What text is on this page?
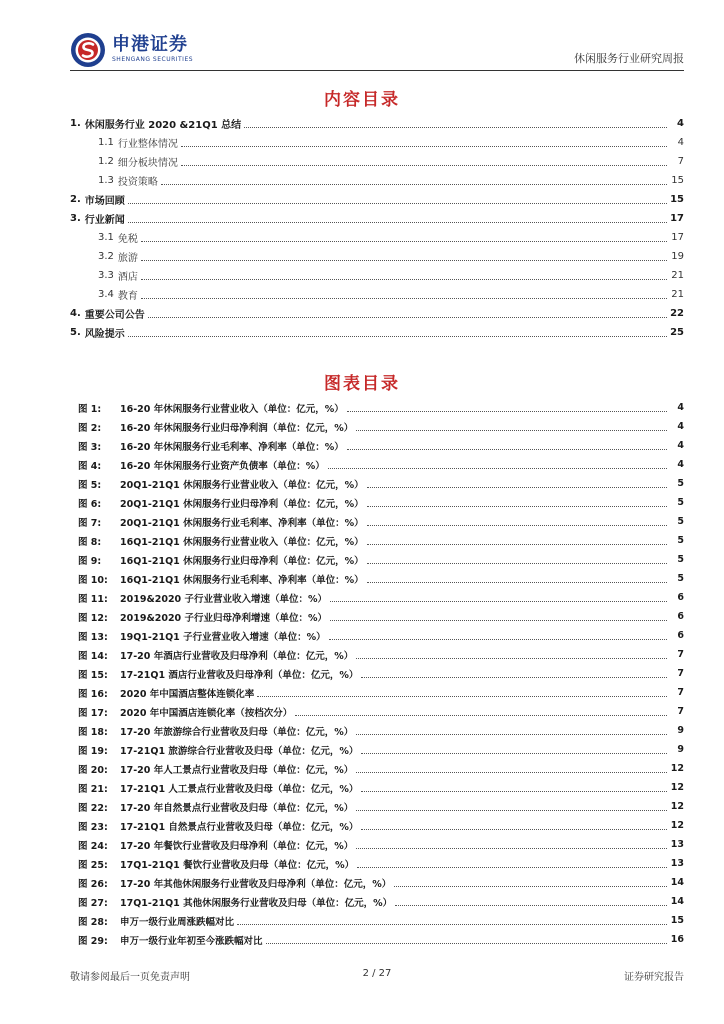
申港证券
SHENGANG SECURITIES	休闲服务行业研究周报
内容目录
1. 休闲服务行业 2020 &21Q1 总结	4
1.1 行业整体情况	4
1.2 细分板块情况	7
1.3 投资策略	15
2. 市场回顾	15
3. 行业新闻	17
3.1 免税	17
3.2 旅游	19
3.3 酒店	21
3.4 教育	21
4. 重要公司公告	22
5. 风险提示	25
图表目录
图 1:	16-20 年休闲服务行业营业收入（单位：亿元，%）	4
图 2:	16-20 年休闲服务行业归母净利润（单位：亿元，%）	4
图 3:	16-20 年休闲服务行业毛利率、净利率（单位：%）	4
图 4:	16-20 年休闲服务行业资产负债率（单位：%）	4
图 5:	20Q1-21Q1 休闲服务行业营业收入（单位：亿元，%）	5
图 6:	20Q1-21Q1 休闲服务行业归母净利（单位：亿元，%）	5
图 7:	20Q1-21Q1 休闲服务行业毛利率、净利率（单位：%）	5
图 8:	16Q1-21Q1 休闲服务行业营业收入（单位：亿元，%）	5
图 9:	16Q1-21Q1 休闲服务行业归母净利（单位：亿元，%）	5
图 10:	16Q1-21Q1 休闲服务行业毛利率、净利率（单位：%）	5
图 11:	2019&2020 子行业营业收入增速（单位：%）	6
图 12:	2019&2020 子行业归母净利增速（单位：%）	6
图 13:	19Q1-21Q1 子行业营业收入增速（单位：%）	6
图 14:	17-20 年酒店行业营收及归母净利（单位：亿元，%）	7
图 15:	17-21Q1 酒店行业营收及归母净利（单位：亿元，%）	7
图 16:	2020 年中国酒店整体连锁化率	7
图 17:	2020 年中国酒店连锁化率（按档次分）	7
图 18:	17-20 年旅游综合行业营收及归母（单位：亿元，%）	9
图 19:	17-21Q1 旅游综合行业营收及归母（单位：亿元，%）	9
图 20:	17-20 年人工景点行业营收及归母（单位：亿元，%）	12
图 21:	17-21Q1 人工景点行业营收及归母（单位：亿元，%）	12
图 22:	17-20 年自然景点行业营收及归母（单位：亿元，%）	12
图 23:	17-21Q1 自然景点行业营收及归母（单位：亿元，%）	12
图 24:	17-20 年餐饮行业营收及归母净利（单位：亿元，%）	13
图 25:	17Q1-21Q1 餐饮行业营收及归母（单位：亿元，%）	13
图 26:	17-20 年其他休闲服务行业营收及归母净利（单位：亿元，%）	14
图 27:	17Q1-21Q1 其他休闲服务行业营收及归母（单位：亿元，%）	14
图 28:	申万一级行业周涨跌幅对比	15
图 29:	申万一级行业年初至今涨跌幅对比	16
敬请参阅最后一页免责声明	2 / 27	证券研究报告
